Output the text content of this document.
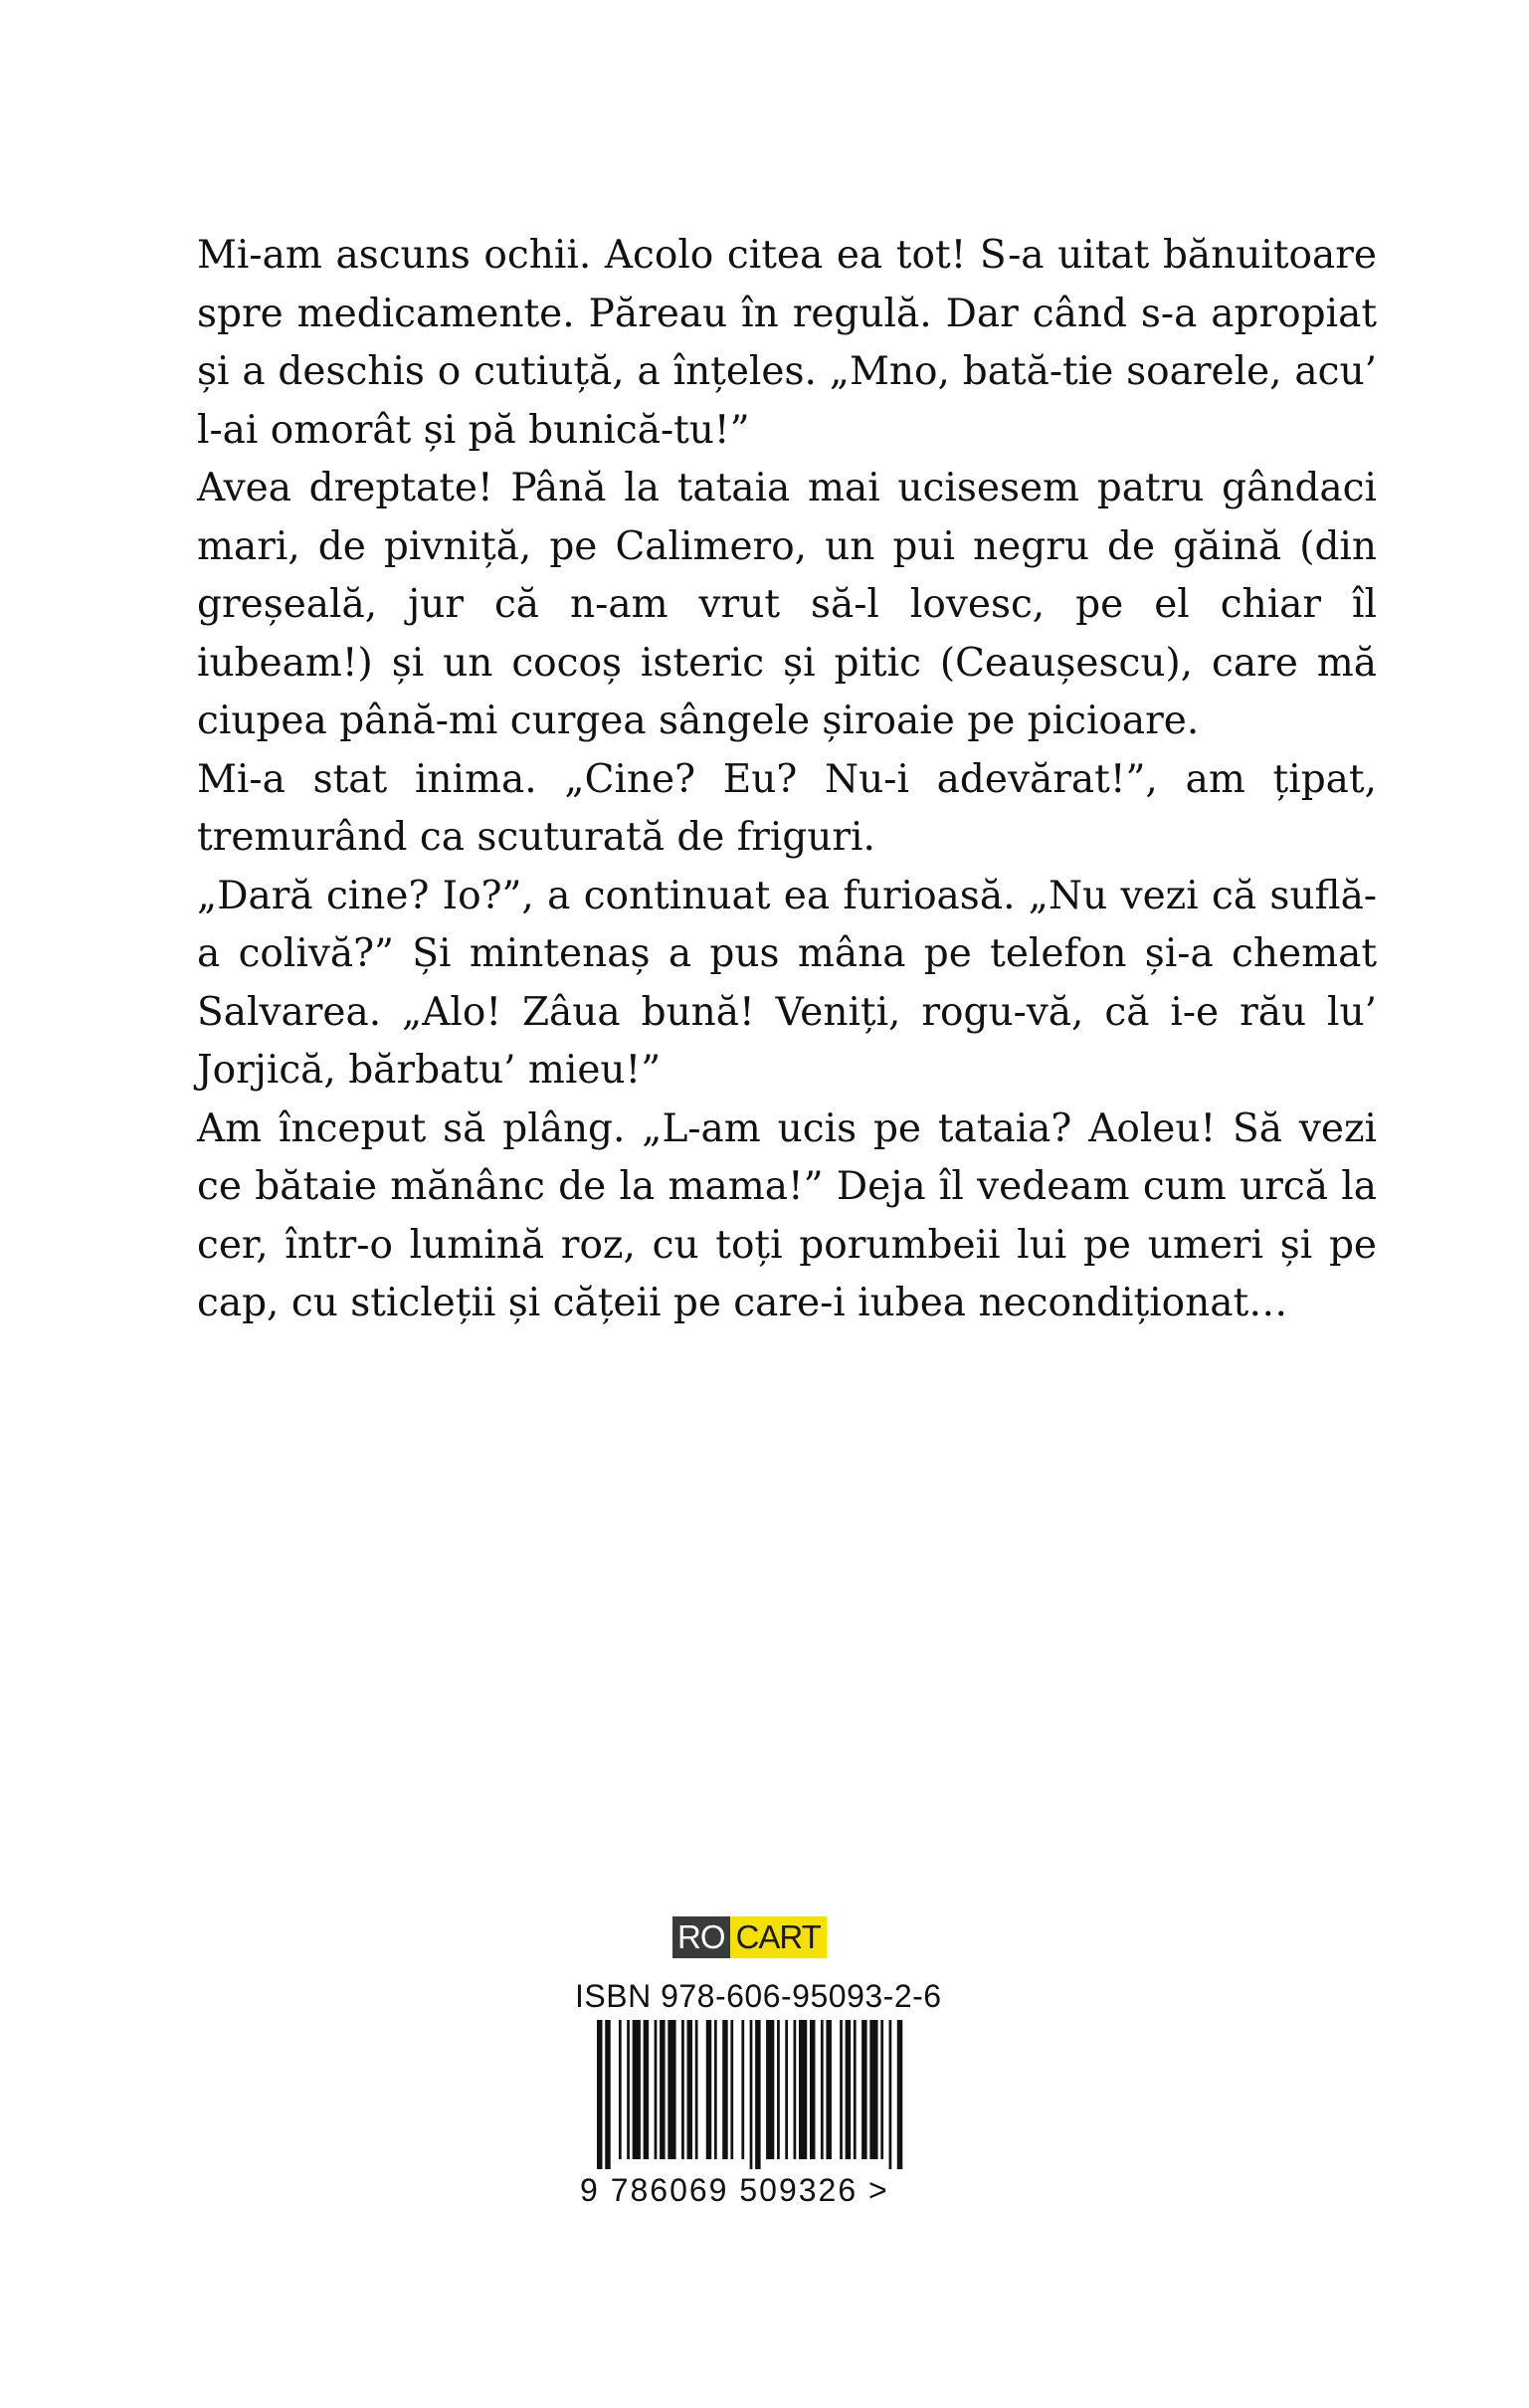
Mi-am ascuns ochii. Acolo citea ea tot! S-a uitat bănuitoare spre medicamente. Păreau în regulă. Dar când s-a apropiat și a deschis o cutiuță, a înțeles. „Mno, bată-tie soarele, acu’ l-ai omorât și pă bunică-tu!”

Avea dreptate! Până la tataia mai ucisesem patru gândaci mari, de pivniță, pe Calimero, un pui negru de găină (din greșeală, jur că n-am vrut să-l lovesc, pe el chiar îl iubeam!) și un cocoș isteric și pitic (Ceaușescu), care mă ciupea până-mi curgea sângele șiroaie pe picioare.

Mi-a stat inima. „Cine? Eu? Nu-i adevărat!”, am țipat, tremurând ca scuturată de friguri.

„Dară cine? Io?”, a continuat ea furioasă. „Nu vezi că suflă-a colivă?” Și mintenaș a pus mâna pe telefon și-a chemat Salvarea. „Alo! Zâua bună! Veniți, rogu-vă, că i-e rău lu’ Jorjică, bărbatu’ mieu!”

Am început să plâng. „L-am ucis pe tataia? Aoleu! Să vezi ce bătaie mănânc de la mama!” Deja îl vedeam cum urcă la cer, într-o lumină roz, cu toți porumbeii lui pe umeri și pe cap, cu sticleții și cățeii pe care-i iubea necondiționat…

RO CART
ISBN 978-606-95093-2-6
9 786069 509326 >
